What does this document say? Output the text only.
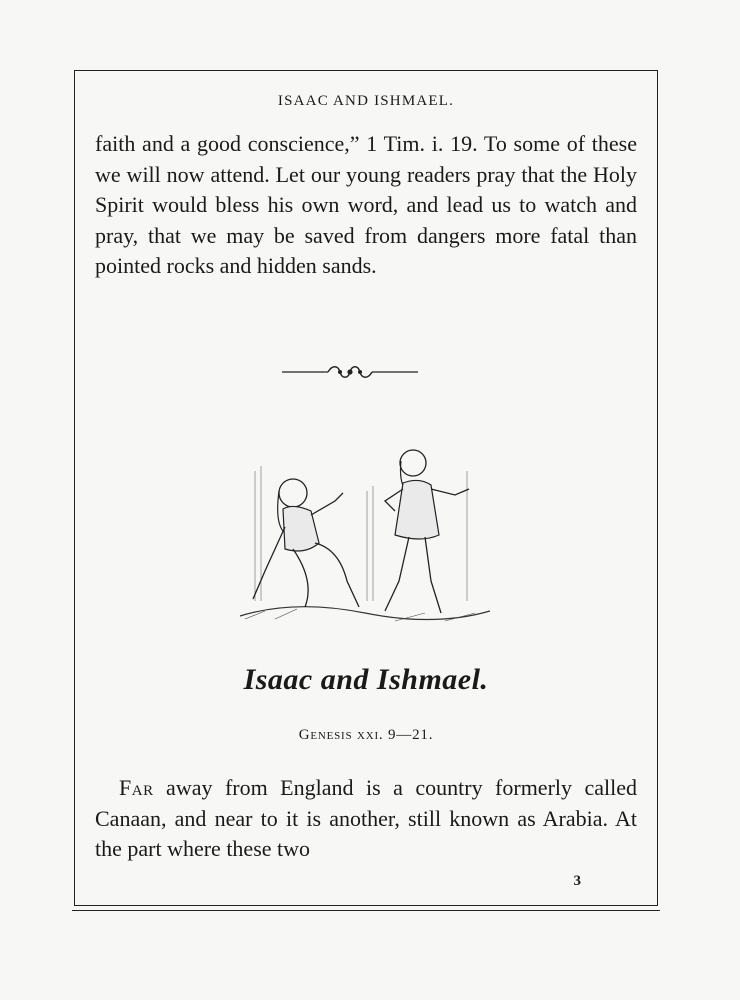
ISAAC AND ISHMAEL.

faith and a good conscience,” 1 Tim. i. 19. To some of these we will now attend. Let our young readers pray that the Holy Spirit would bless his own word, and lead us to watch and pray, that we may be saved from dangers more fatal than pointed rocks and hidden sands.

Isaac and Ishmael.
Genesis xxi. 9—21.

Far away from England is a country formerly called Canaan, and near to it is another, still known as Arabia. At the part where these two

3
